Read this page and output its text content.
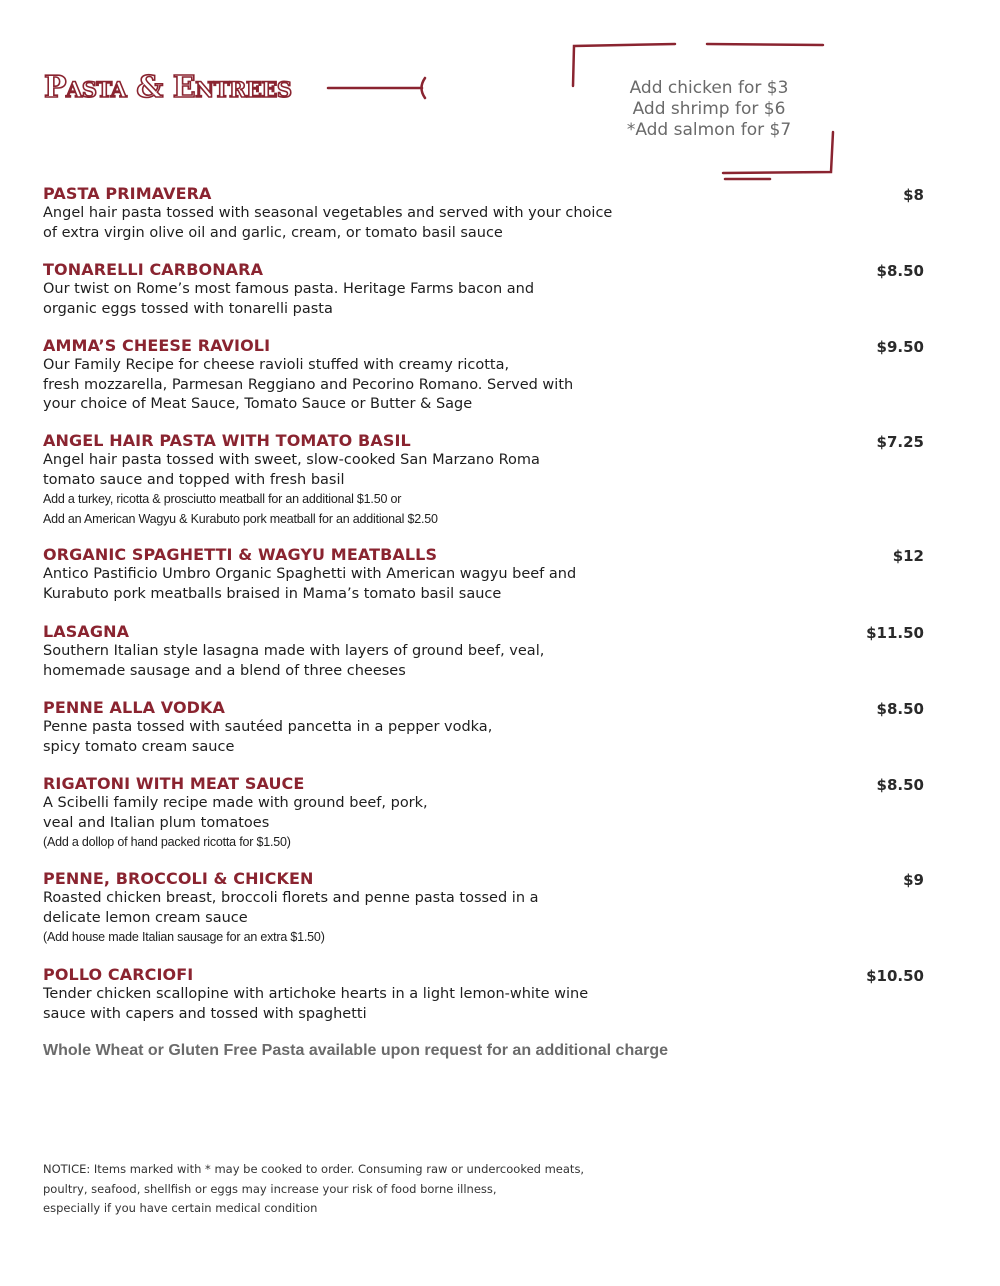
Pasta & Entrees	Add chicken for $3
Add shrimp for $6
*Add salmon for $7
PASTA PRIMAVERA	$8
Angel hair pasta tossed with seasonal vegetables and served with your choice
of extra virgin olive oil and garlic, cream, or tomato basil sauce
TONARELLI CARBONARA	$8.50
Our twist on Rome’s most famous pasta. Heritage Farms bacon and
organic eggs tossed with tonarelli pasta
AMMA’S CHEESE RAVIOLI	$9.50
Our Family Recipe for cheese ravioli stuffed with creamy ricotta,
fresh mozzarella, Parmesan Reggiano and Pecorino Romano. Served with
your choice of Meat Sauce, Tomato Sauce or Butter & Sage
ANGEL HAIR PASTA WITH TOMATO BASIL	$7.25
Angel hair pasta tossed with sweet, slow-cooked San Marzano Roma
tomato sauce and topped with fresh basil
Add a turkey, ricotta & prosciutto meatball for an additional $1.50 or
Add an American Wagyu & Kurabuto pork meatball for an additional $2.50
ORGANIC SPAGHETTI & WAGYU MEATBALLS	$12
Antico Pastificio Umbro Organic Spaghetti with American wagyu beef and
Kurabuto pork meatballs braised in Mama’s tomato basil sauce
LASAGNA	$11.50
Southern Italian style lasagna made with layers of ground beef, veal,
homemade sausage and a blend of three cheeses
PENNE ALLA VODKA	$8.50
Penne pasta tossed with sautéed pancetta in a pepper vodka,
spicy tomato cream sauce
RIGATONI WITH MEAT SAUCE	$8.50
A Scibelli family recipe made with ground beef, pork,
veal and Italian plum tomatoes
(Add a dollop of hand packed ricotta for $1.50)
PENNE, BROCCOLI & CHICKEN	$9
Roasted chicken breast, broccoli florets and penne pasta tossed in a
delicate lemon cream sauce
(Add house made Italian sausage for an extra $1.50)
POLLO CARCIOFI	$10.50
Tender chicken scallopine with artichoke hearts in a light lemon-white wine
sauce with capers and tossed with spaghetti
Whole Wheat or Gluten Free Pasta available upon request for an additional charge
NOTICE: Items marked with * may be cooked to order. Consuming raw or undercooked meats,
poultry, seafood, shellfish or eggs may increase your risk of food borne illness,
especially if you have certain medical condition
